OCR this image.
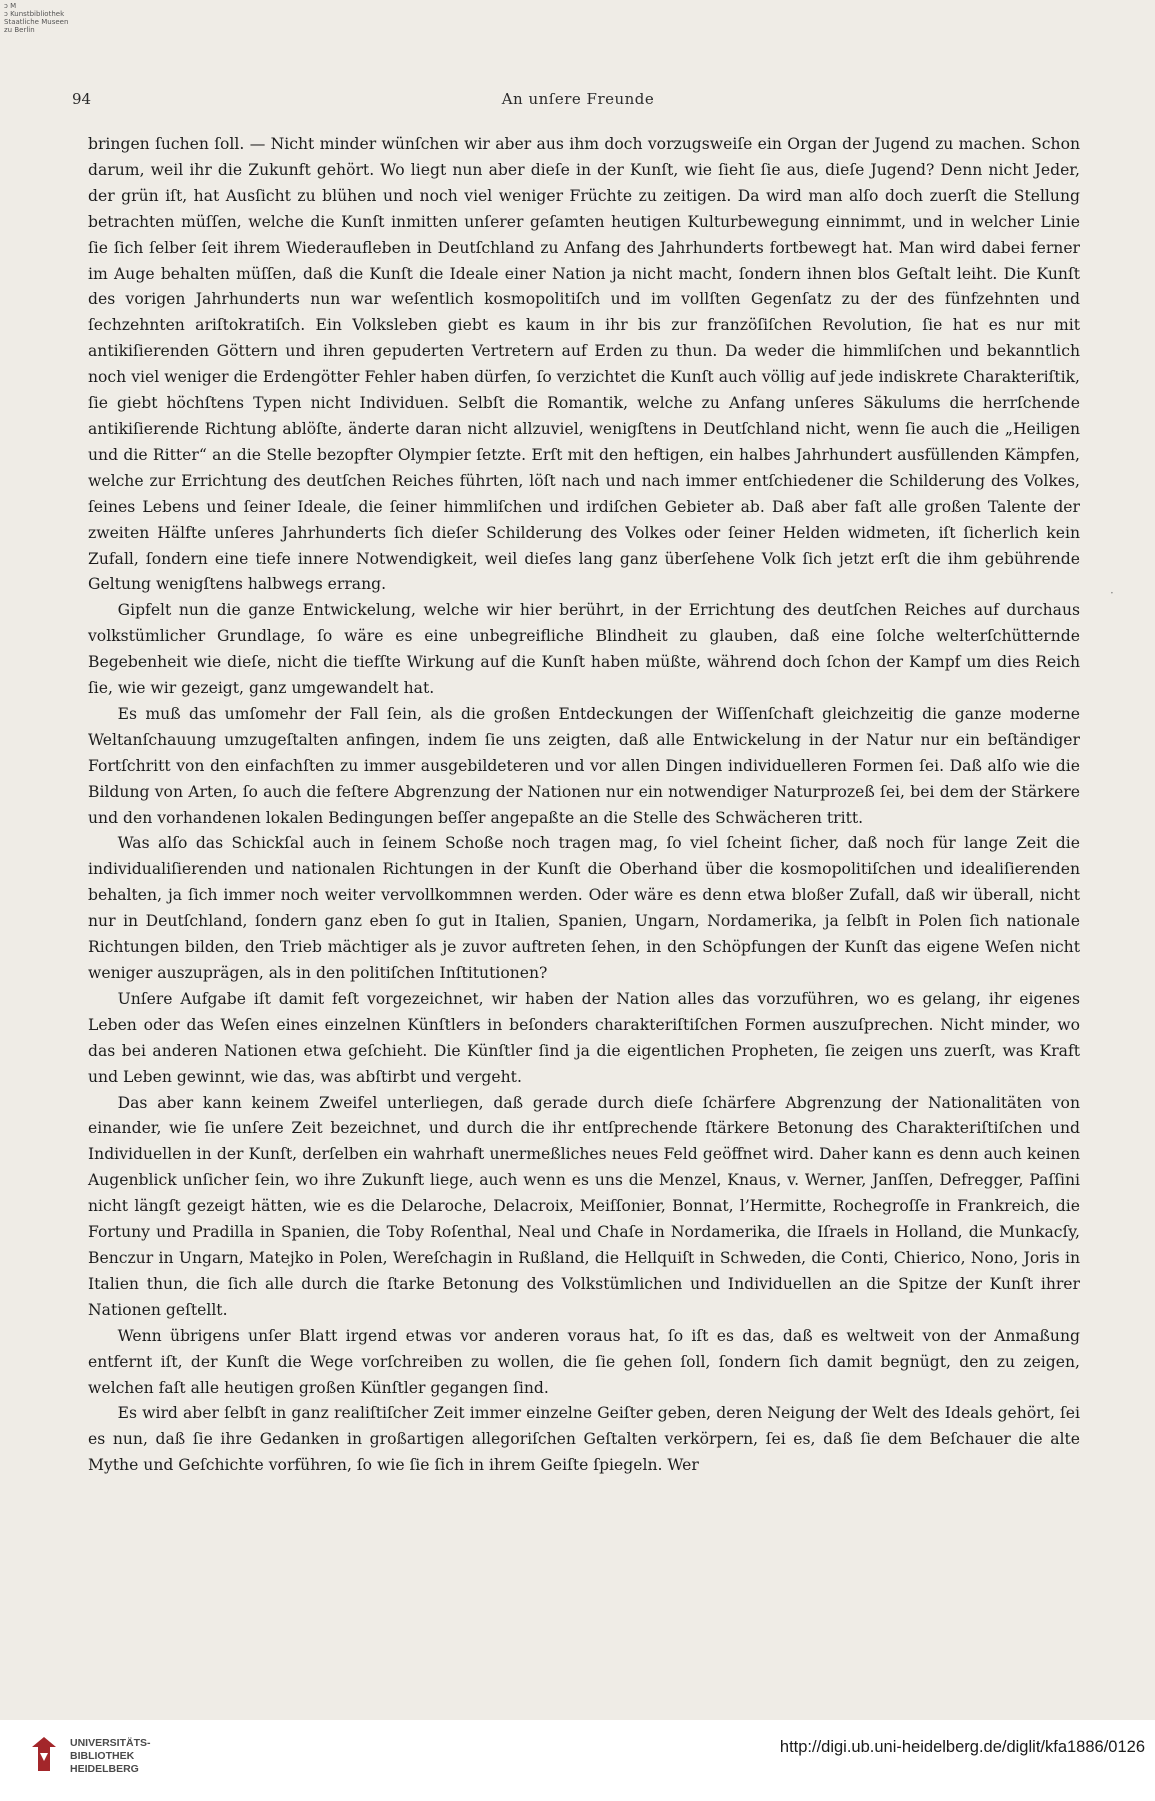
ↄ M
ↄ Kunstbibliothek
Staatliche Museen
zu Berlin
94	An unſere Freunde

bringen ſuchen ſoll. — Nicht minder wünſchen wir aber aus ihm doch vorzugsweiſe ein Organ der Jugend zu machen. Schon darum, weil ihr die Zukunft gehört. Wo liegt nun aber dieſe in der Kunſt, wie ſieht ſie aus, dieſe Jugend? Denn nicht Jeder, der grün iſt, hat Ausſicht zu blühen und noch viel weniger Früchte zu zeitigen. Da wird man alſo doch zuerſt die Stellung betrachten müſſen, welche die Kunſt inmitten unſerer geſamten heutigen Kulturbewegung einnimmt, und in welcher Linie ſie ſich ſelber ſeit ihrem Wiederaufleben in Deutſchland zu Anfang des Jahrhunderts fortbewegt hat. Man wird dabei ferner im Auge behalten müſſen, daß die Kunſt die Ideale einer Nation ja nicht macht, ſondern ihnen blos Geſtalt leiht. Die Kunſt des vorigen Jahrhunderts nun war weſentlich kosmopolitiſch und im vollſten Gegenſatz zu der des fünfzehnten und ſechzehnten ariſtokratiſch. Ein Volksleben giebt es kaum in ihr bis zur franzöſiſchen Revolution, ſie hat es nur mit antikiſierenden Göttern und ihren gepuderten Vertretern auf Erden zu thun. Da weder die himmliſchen und bekanntlich noch viel weniger die Erdengötter Fehler haben dürfen, ſo verzichtet die Kunſt auch völlig auf jede indiskrete Charakteriſtik, ſie giebt höchſtens Typen nicht Individuen. Selbſt die Romantik, welche zu Anfang unſeres Säkulums die herrſchende antikiſierende Richtung ablöſte, änderte daran nicht allzuviel, wenigſtens in Deutſchland nicht, wenn ſie auch die „Heiligen und die Ritter“ an die Stelle bezopfter Olympier ſetzte. Erſt mit den heftigen, ein halbes Jahrhundert ausfüllenden Kämpfen, welche zur Errichtung des deutſchen Reiches führten, löſt nach und nach immer entſchiedener die Schilderung des Volkes, ſeines Lebens und ſeiner Ideale, die ſeiner himmliſchen und irdiſchen Gebieter ab. Daß aber faſt alle großen Talente der zweiten Hälfte unſeres Jahrhunderts ſich dieſer Schilderung des Volkes oder ſeiner Helden widmeten, iſt ſicherlich kein Zufall, ſondern eine tiefe innere Notwendigkeit, weil dieſes lang ganz überſehene Volk ſich jetzt erſt die ihm gebührende Geltung wenigſtens halbwegs errang.

Gipfelt nun die ganze Entwickelung, welche wir hier berührt, in der Errichtung des deutſchen Reiches auf durchaus volkstümlicher Grundlage, ſo wäre es eine unbegreifliche Blindheit zu glauben, daß eine ſolche welterſchütternde Begebenheit wie dieſe, nicht die tiefſte Wirkung auf die Kunſt haben müßte, während doch ſchon der Kampf um dies Reich ſie, wie wir gezeigt, ganz umgewandelt hat.

Es muß das umſomehr der Fall ſein, als die großen Entdeckungen der Wiſſenſchaft gleichzeitig die ganze moderne Weltanſchauung umzugeſtalten anfingen, indem ſie uns zeigten, daß alle Entwickelung in der Natur nur ein beſtändiger Fortſchritt von den einfachſten zu immer ausgebildeteren und vor allen Dingen individuelleren Formen ſei. Daß alſo wie die Bildung von Arten, ſo auch die feſtere Abgrenzung der Nationen nur ein notwendiger Naturprozeß ſei, bei dem der Stärkere und den vorhandenen lokalen Bedingungen beſſer angepaßte an die Stelle des Schwächeren tritt.

Was alſo das Schickſal auch in ſeinem Schoße noch tragen mag, ſo viel ſcheint ſicher, daß noch für lange Zeit die individualiſierenden und nationalen Richtungen in der Kunſt die Oberhand über die kosmopolitiſchen und idealiſierenden behalten, ja ſich immer noch weiter vervollkommnen werden. Oder wäre es denn etwa bloßer Zufall, daß wir überall, nicht nur in Deutſchland, ſondern ganz eben ſo gut in Italien, Spanien, Ungarn, Nordamerika, ja ſelbſt in Polen ſich nationale Richtungen bilden, den Trieb mächtiger als je zuvor auftreten ſehen, in den Schöpfungen der Kunſt das eigene Weſen nicht weniger auszuprägen, als in den politiſchen Inſtitutionen?

Unſere Aufgabe iſt damit feſt vorgezeichnet, wir haben der Nation alles das vorzuführen, wo es gelang, ihr eigenes Leben oder das Weſen eines einzelnen Künſtlers in beſonders charakteriſtiſchen Formen auszuſprechen. Nicht minder, wo das bei anderen Nationen etwa geſchieht. Die Künſtler ſind ja die eigentlichen Propheten, ſie zeigen uns zuerſt, was Kraft und Leben gewinnt, wie das, was abſtirbt und vergeht.

Das aber kann keinem Zweifel unterliegen, daß gerade durch dieſe ſchärfere Abgrenzung der Nationalitäten von einander, wie ſie unſere Zeit bezeichnet, und durch die ihr entſprechende ſtärkere Betonung des Charakteriſtiſchen und Individuellen in der Kunſt, derſelben ein wahrhaft unermeßliches neues Feld geöffnet wird. Daher kann es denn auch keinen Augenblick unſicher ſein, wo ihre Zukunft liege, auch wenn es uns die Menzel, Knaus, v. Werner, Janſſen, Defregger, Paſſini nicht längſt gezeigt hätten, wie es die Delaroche, Delacroix, Meiſſonier, Bonnat, l’Hermitte, Rochegroſſe in Frankreich, die Fortuny und Pradilla in Spanien, die Toby Roſenthal, Neal und Chaſe in Nordamerika, die Iſraels in Holland, die Munkacſy, Benczur in Ungarn, Matejko in Polen, Wereſchagin in Rußland, die Hellquiſt in Schweden, die Conti, Chierico, Nono, Joris in Italien thun, die ſich alle durch die ſtarke Betonung des Volkstümlichen und Individuellen an die Spitze der Kunſt ihrer Nationen geſtellt.

Wenn übrigens unſer Blatt irgend etwas vor anderen voraus hat, ſo iſt es das, daß es weltweit von der Anmaßung entfernt iſt, der Kunſt die Wege vorſchreiben zu wollen, die ſie gehen ſoll, ſondern ſich damit begnügt, den zu zeigen, welchen faſt alle heutigen großen Künſtler gegangen ſind.

Es wird aber ſelbſt in ganz realiſtiſcher Zeit immer einzelne Geiſter geben, deren Neigung der Welt des Ideals gehört, ſei es nun, daß ſie ihre Gedanken in großartigen allegoriſchen Geſtalten verkörpern, ſei es, daß ſie dem Beſchauer die alte Mythe und Geſchichte vorführen, ſo wie ſie ſich in ihrem Geiſte ſpiegeln. Wer

·
UNIVERSITÄTS-
BIBLIOTHEK
HEIDELBERG
http://digi.ub.uni-heidelberg.de/diglit/kfa1886/0126
